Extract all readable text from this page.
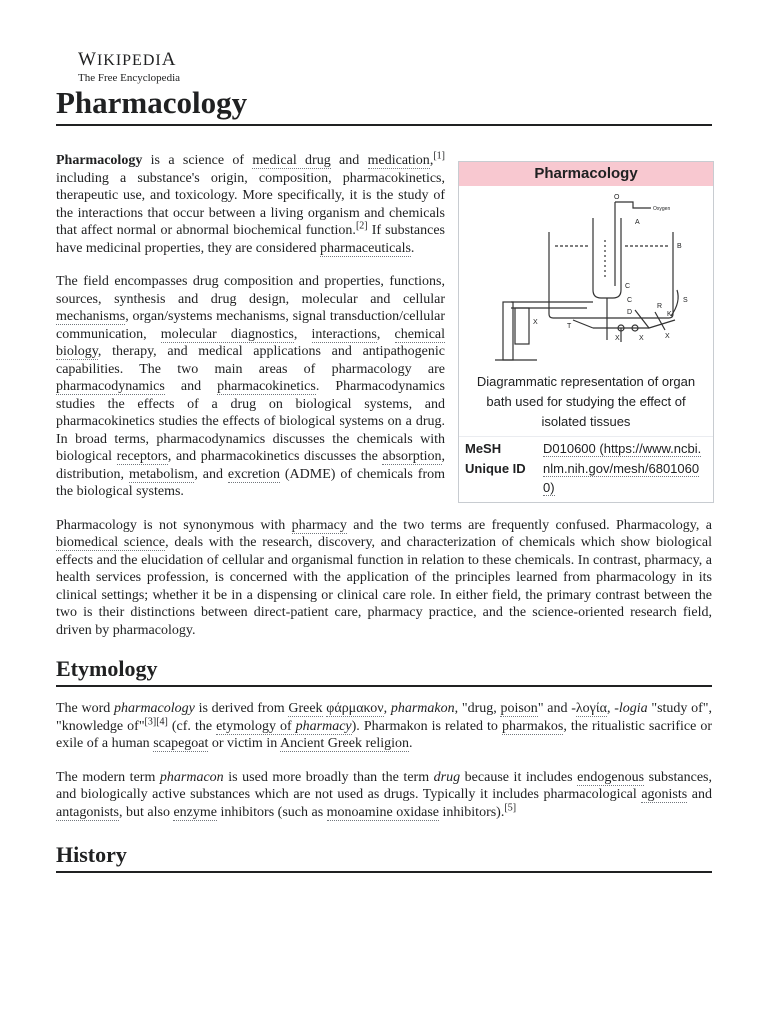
WIKIPEDIA
The Free Encyclopedia
Pharmacology
Pharmacology
O
A
B
C
C
D
R
K
S
X
X	X
T
X
Oxygen
Diagrammatic representation of organ bath used for studying the effect of isolated tissues
MeSH Unique ID
D010600 (https://www.ncbi.nlm.nih.gov/mesh/68010600)

Pharmacology is a science of medical drug and medication,[1] including a substance's origin, composition, pharmacokinetics, therapeutic use, and toxicology. More specifically, it is the study of the interactions that occur between a living organism and chemicals that affect normal or abnormal biochemical function.[2] If substances have medicinal properties, they are considered pharmaceuticals.

The field encompasses drug composition and properties, functions, sources, synthesis and drug design, molecular and cellular mechanisms, organ/systems mechanisms, signal transduction/cellular communication, molecular diagnostics, interactions, chemical biology, therapy, and medical applications and antipathogenic capabilities. The two main areas of pharmacology are pharmacodynamics and pharmacokinetics. Pharmacodynamics studies the effects of a drug on biological systems, and pharmacokinetics studies the effects of biological systems on a drug. In broad terms, pharmacodynamics discusses the chemicals with biological receptors, and pharmacokinetics discusses the absorption, distribution, metabolism, and excretion (ADME) of chemicals from the biological systems.

Pharmacology is not synonymous with pharmacy and the two terms are frequently confused. Pharmacology, a biomedical science, deals with the research, discovery, and characterization of chemicals which show biological effects and the elucidation of cellular and organismal function in relation to these chemicals. In contrast, pharmacy, a health services profession, is concerned with the application of the principles learned from pharmacology in its clinical settings; whether it be in a dispensing or clinical care role. In either field, the primary contrast between the two is their distinctions between direct-patient care, pharmacy practice, and the science-oriented research field, driven by pharmacology.

Etymology

The word pharmacology is derived from Greek φάρμακον, pharmakon, "drug, poison" and -λογία, -logia "study of", "knowledge of"[3][4] (cf. the etymology of pharmacy). Pharmakon is related to pharmakos, the ritualistic sacrifice or exile of a human scapegoat or victim in Ancient Greek religion.

The modern term pharmacon is used more broadly than the term drug because it includes endogenous substances, and biologically active substances which are not used as drugs. Typically it includes pharmacological agonists and antagonists, but also enzyme inhibitors (such as monoamine oxidase inhibitors).[5]

History
